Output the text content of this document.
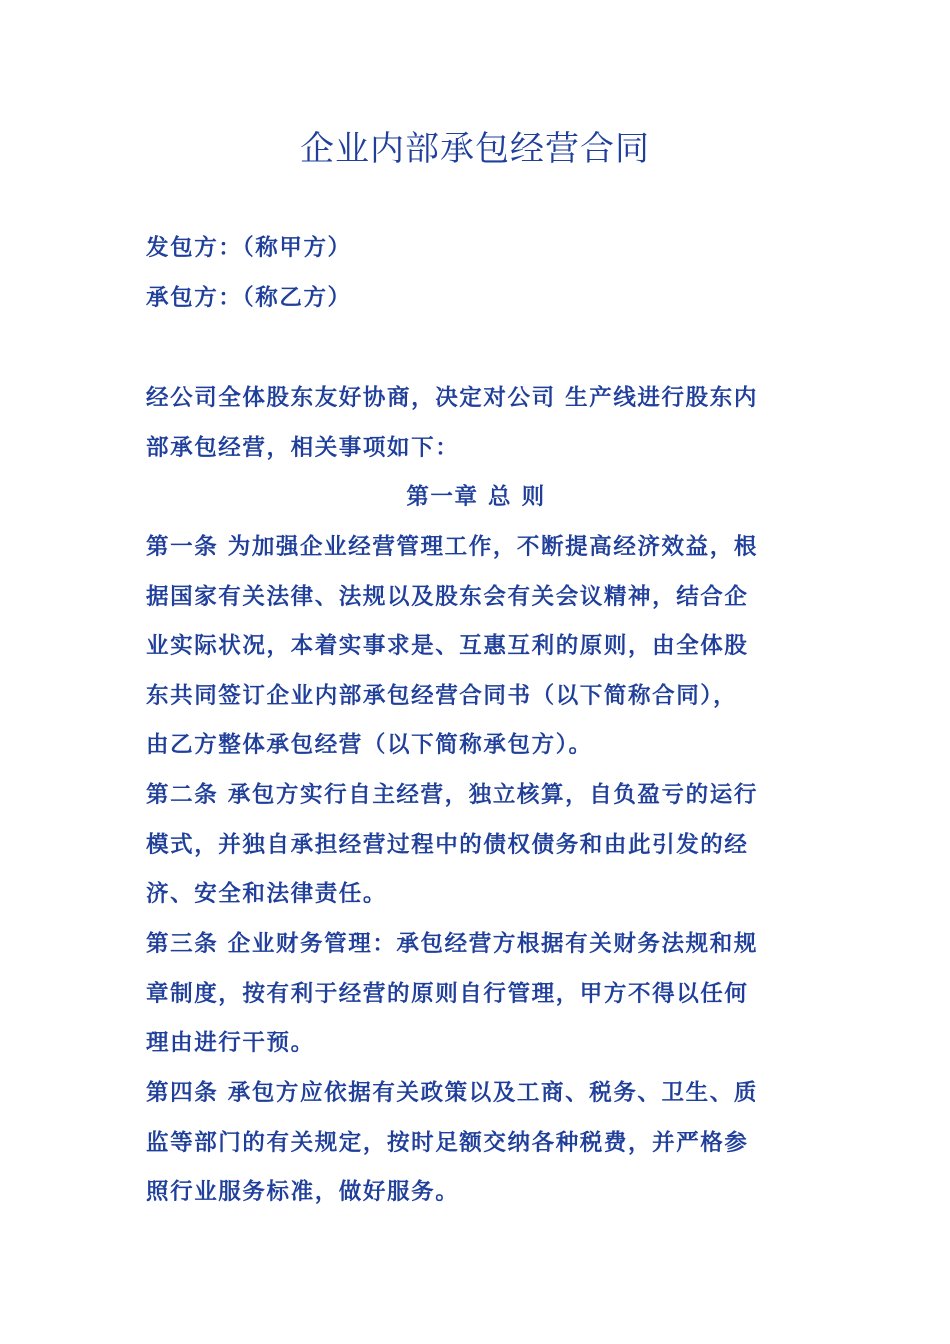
企业内部承包经营合同
发包方：（称甲方）
承包方：（称乙方）
经公司全体股东友好协商，决定对公司 生产线进行股东内
部承包经营，相关事项如下：
第一章 总 则
第一条 为加强企业经营管理工作，不断提高经济效益，根
据国家有关法律、法规以及股东会有关会议精神，结合企
业实际状况，本着实事求是、互惠互利的原则，由全体股
东共同签订企业内部承包经营合同书（以下简称合同），
由乙方整体承包经营（以下简称承包方）。
第二条 承包方实行自主经营，独立核算，自负盈亏的运行
模式，并独自承担经营过程中的债权债务和由此引发的经
济、安全和法律责任。
第三条 企业财务管理：承包经营方根据有关财务法规和规
章制度，按有利于经营的原则自行管理，甲方不得以任何
理由进行干预。
第四条 承包方应依据有关政策以及工商、税务、卫生、质
监等部门的有关规定，按时足额交纳各种税费，并严格参
照行业服务标准，做好服务。
